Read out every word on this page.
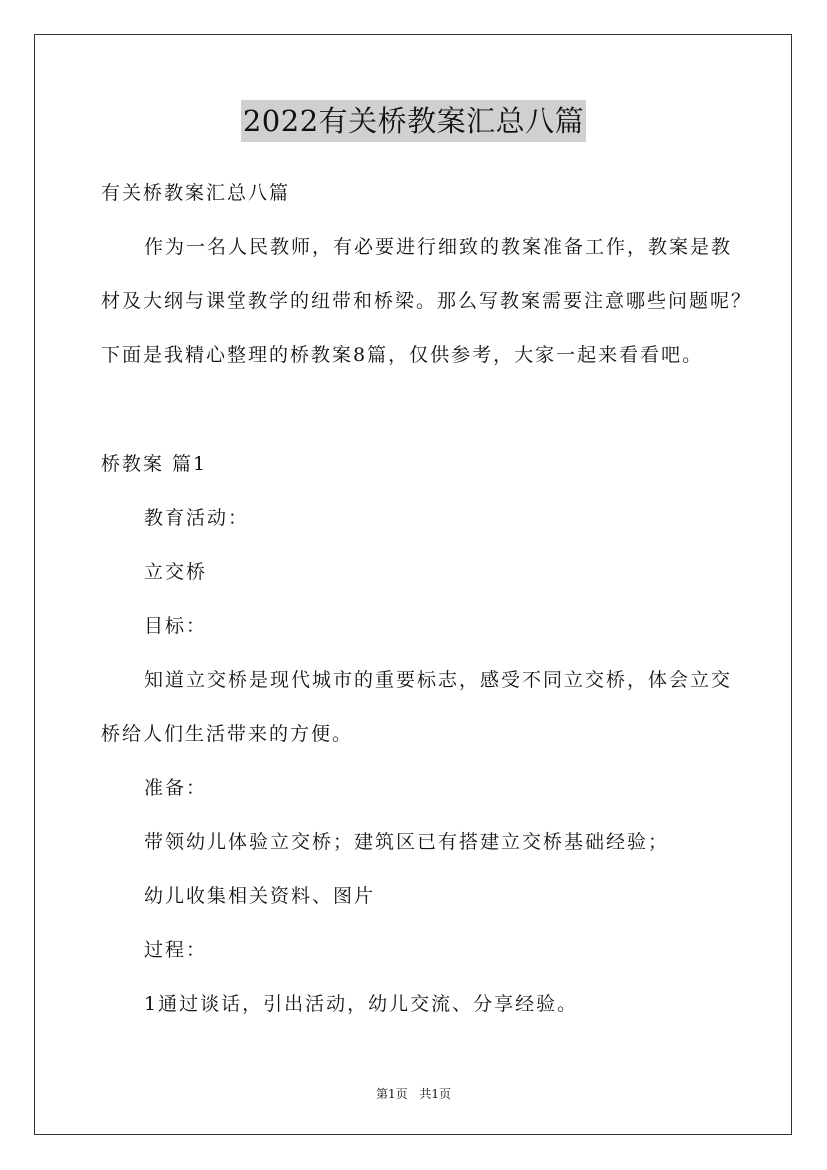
2022有关桥教案汇总八篇
有关桥教案汇总八篇
作为一名人民教师，有必要进行细致的教案准备工作，教案是教
材及大纲与课堂教学的纽带和桥梁。那么写教案需要注意哪些问题呢？
下面是我精心整理的桥教案8篇，仅供参考，大家一起来看看吧。
桥教案 篇1
教育活动：
立交桥
目标：
知道立交桥是现代城市的重要标志，感受不同立交桥，体会立交
桥给人们生活带来的方便。
准备：
带领幼儿体验立交桥；建筑区已有搭建立交桥基础经验；
幼儿收集相关资料、图片
过程：
1通过谈话，引出活动，幼儿交流、分享经验。
第1页 共1页
